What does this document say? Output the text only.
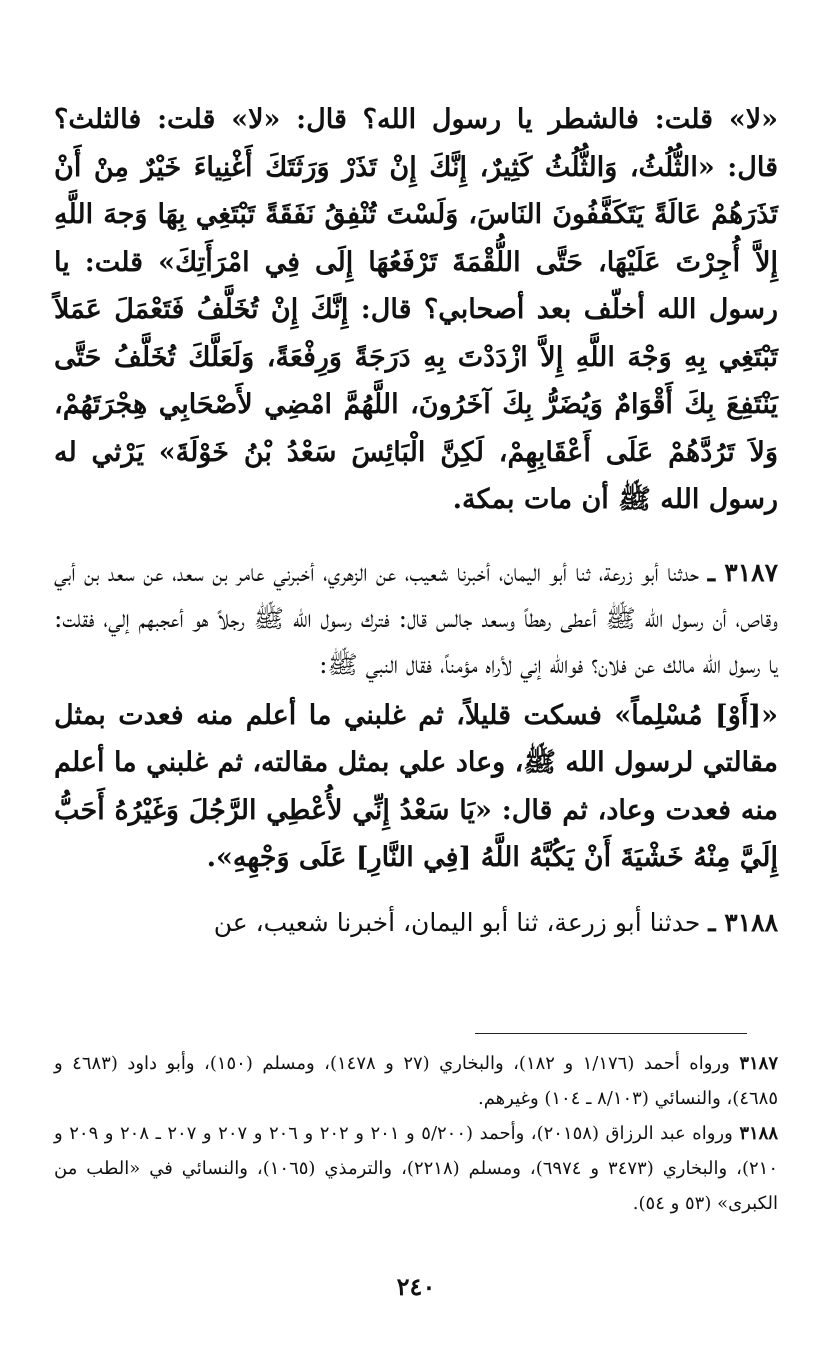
«لا» قلت: فالشطر يا رسول الله؟ قال: «لا» قلت: فالثلث؟ قال: «الثُّلُثُ، وَالثُّلُثُ كَثِيرٌ، إِنَّكَ إِنْ تَذَرْ وَرَثَتَكَ أَغْنِياءَ خَيْرٌ مِنْ أَنْ تَذَرَهُمْ عَالَةً يَتَكَفَّفُونَ النَاسَ، وَلَسْتَ تُنْفِقُ نَفَقَةً تَبْتَغِي بِهَا وَجهَ اللَّهِ إِلاَّ أُجِرْتَ عَلَيْهَا، حَتَّى اللُّقْمَةَ تَرْفَعُهَا إِلَى فِي امْرَأَتِكَ» قلت: يا رسول الله أخلّف بعد أصحابي؟ قال: إِنَّكَ إِنْ تُخَلَّفُ فَتَعْمَلَ عَمَلاً تَبْتَغِي بِهِ وَجْهَ اللَّهِ إِلاَّ ازْدَدْتَ بِهِ دَرَجَةً وَرِفْعَةً، وَلَعَلَّكَ تُخَلَّفُ حَتَّى يَنْتَفِعَ بِكَ أَقْوَامٌ وَيُضَرُّ بِكَ آخَرُونَ، اللَّهُمَّ امْضِي لأَصْحَابِي هِجْرَتَهُمْ، وَلاَ تَرُدَّهُمْ عَلَى أَعْقَابِهِمْ، لَكِنَّ الْبَائِسَ سَعْدُ بْنُ خَوْلَةَ» يَرْثي له رسول الله ﷺ أن مات بمكة.

٣١٨٧ ـ حدثنا أبو زرعة، ثنا أبو اليمان، أخبرنا شعيب، عن الزهري، أخبرني عامر بن سعد، عن سعد بن أبي وقاص، أن رسول الله ﷺ أعطى رهطاً وسعد جالس قال: فترك رسول الله ﷺ رجلاً هو أعجبهم إلي، فقلت: يا رسول الله مالك عن فلان؟ فوالله إني لأراه مؤمناً، فقال النبي ﷺ:

«[أَوْ] مُسْلِماً» فسكت قليلاً، ثم غلبني ما أعلم منه فعدت بمثل مقالتي لرسول الله ﷺ، وعاد علي بمثل مقالته، ثم غلبني ما أعلم منه فعدت وعاد، ثم قال: «يَا سَعْدُ إِنِّي لأُعْطِي الرَّجُلَ وَغَيْرُهُ أَحَبُّ إِلَيَّ مِنْهُ خَشْيَةَ أَنْ يَكُبَّهُ اللَّهُ [فِي النَّارِ] عَلَى وَجْهِهِ».

٣١٨٨ ـ حدثنا أبو زرعة، ثنا أبو اليمان، أخبرنا شعيب، عن

٣١٨٧ ورواه أحمد (١/١٧٦ و ١٨٢)، والبخاري (٢٧ و ١٤٧٨)، ومسلم (١٥٠)، وأبو داود (٤٦٨٣ و ٤٦٨٥)، والنسائي (٨/١٠٣ ـ ١٠٤) وغيرهم.

٣١٨٨ ورواه عبد الرزاق (٢٠١٥٨)، وأحمد (٥/٢٠٠ و ٢٠١ و ٢٠٢ و ٢٠٦ و ٢٠٧ و ٢٠٧ ـ ٢٠٨ و ٢٠٩ و ٢١٠)، والبخاري (٣٤٧٣ و ٦٩٧٤)، ومسلم (٢٢١٨)، والترمذي (١٠٦٥)، والنسائي في «الطب من الكبرى» (٥٣ و ٥٤).

٢٤٠
